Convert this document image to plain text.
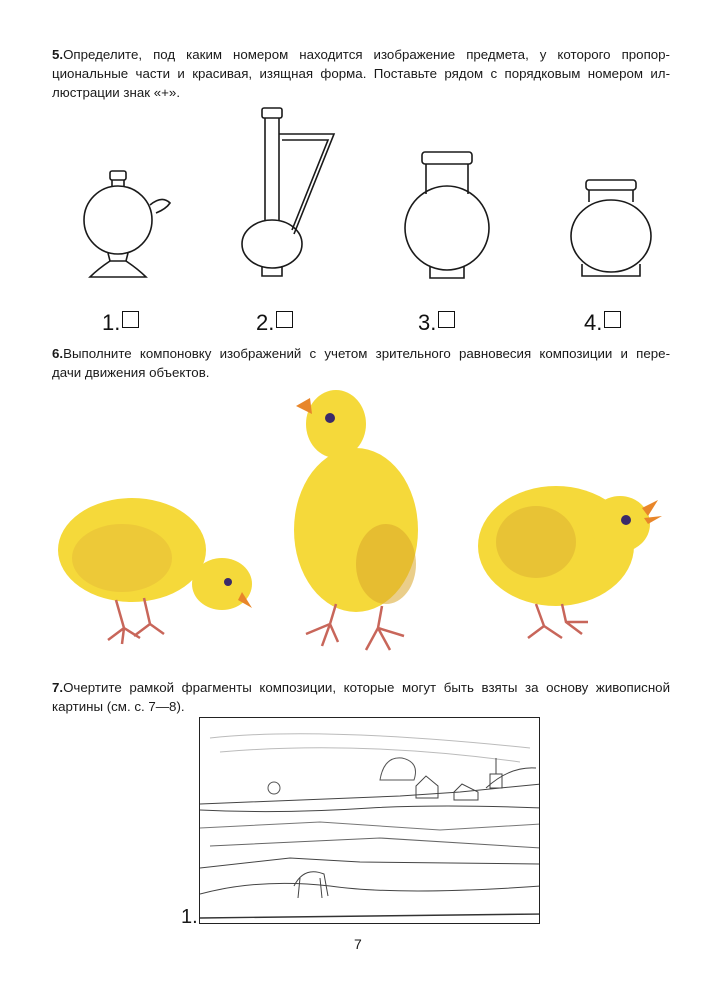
5.Определите, под каким номером находится изображение предмета, у которого пропор-
циональные части и красивая, изящная форма. Поставьте рядом с порядковым номером ил-
люстрации знак «+».
1.	2.	3.	4.
6.Выполните компоновку изображений с учетом зрительного равновесия композиции и пере-
дачи движения объектов.
7.Очертите рамкой фрагменты композиции, которые могут быть взяты за основу живописной
картины (см. с. 7—8).
1.
7
